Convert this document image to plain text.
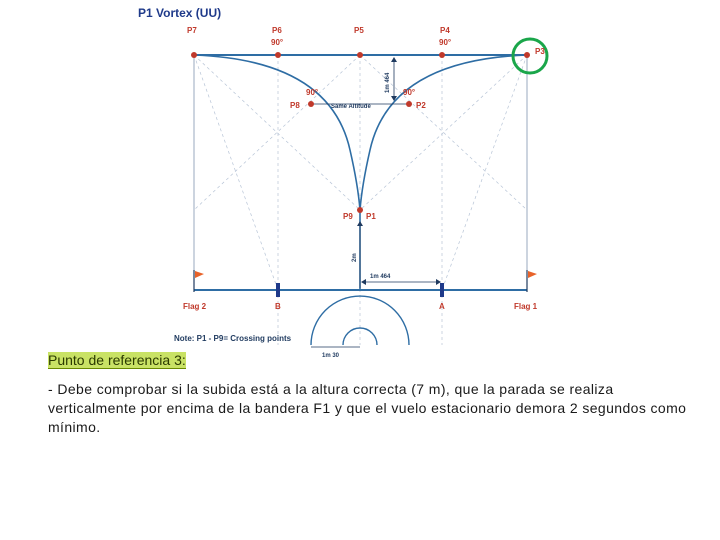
P1 Vortex (UU)
1m 464
Same Altitude
2m
1m 464
1m 30
P7	P6
90°
P5	P4
90°
P3
90°
P8
90°
P2
P9 P1
Flag 2	B	A	Flag 1
Note: P1 - P9= Crossing points

Punto de referencia 3:

- Debe comprobar si la subida está a la altura correcta (7 m), que la parada se realiza verticalmente por encima de la bandera F1 y que el vuelo estacionario demora 2 segundos como mínimo.
